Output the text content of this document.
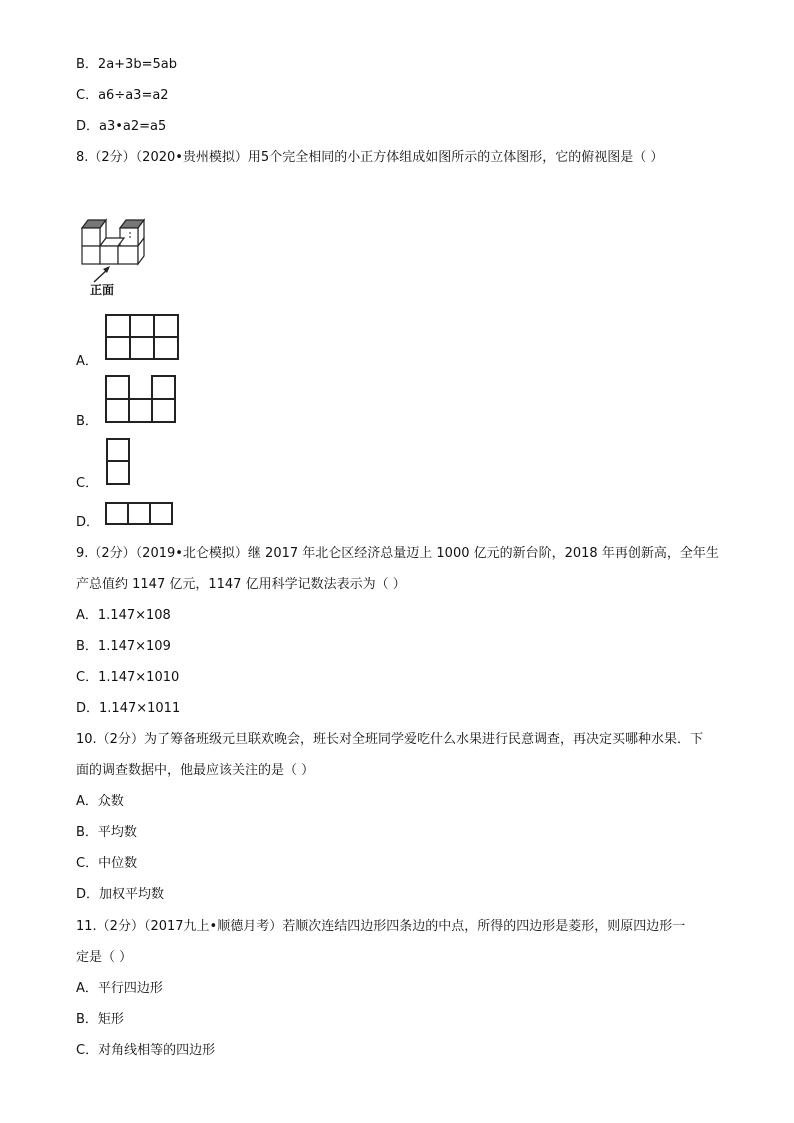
B．2a+3b=5ab
C．a6÷a3=a2
D．a3•a2=a5
8.（2分）（2020•贵州模拟）用5个完全相同的小正方体组成如图所示的立体图形，它的俯视图是（ ）
正面
A．
B．
C．
D．
9.（2分）（2019•北仑模拟）继 2017 年北仑区经济总量迈上 1000 亿元的新台阶，2018 年再创新高，全年生
产总值约 1147 亿元，1147 亿用科学记数法表示为（ ）
A．1.147×108
B．1.147×109
C．1.147×1010
D．1.147×1011
10.（2分）为了筹备班级元旦联欢晚会，班长对全班同学爱吃什么水果进行民意调查，再决定买哪种水果．下
面的调查数据中，他最应该关注的是（ ）
A．众数
B．平均数
C．中位数
D．加权平均数
11.（2分）（2017九上•顺德月考）若顺次连结四边形四条边的中点，所得的四边形是菱形，则原四边形一
定是（ ）
A．平行四边形
B．矩形
C．对角线相等的四边形
